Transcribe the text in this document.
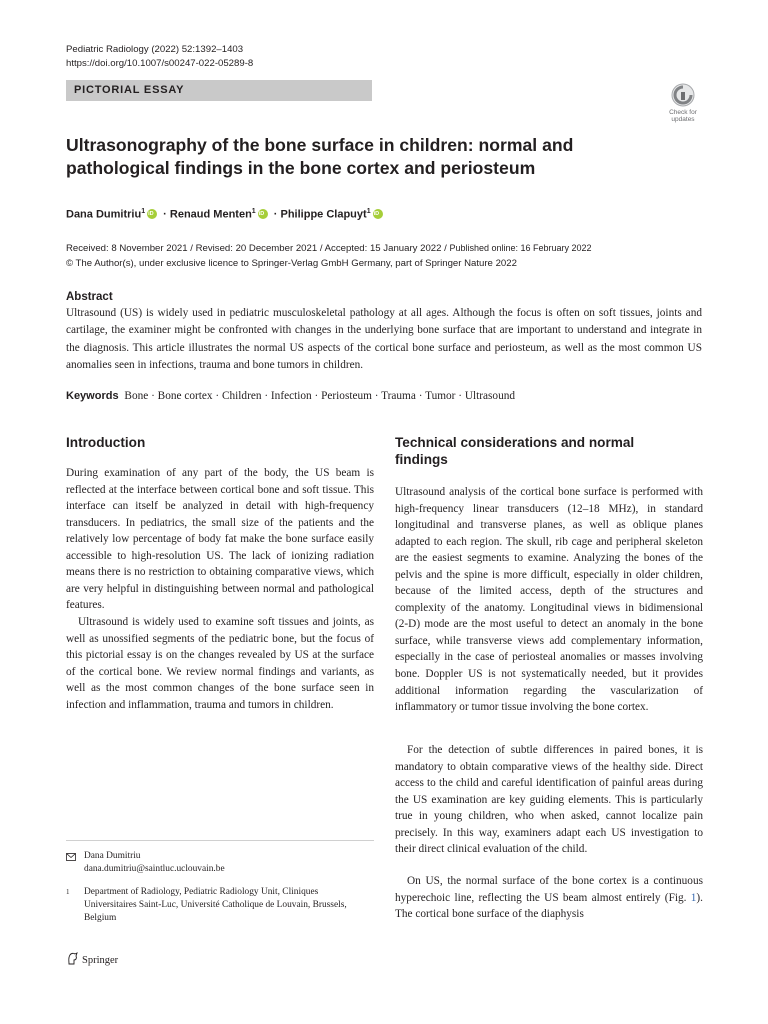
Pediatric Radiology (2022) 52:1392–1403
https://doi.org/10.1007/s00247-022-05289-8
PICTORIAL ESSAY
Check for
updates
Ultrasonography of the bone surface in children: normal and pathological findings in the bone cortex and periosteum
Dana Dumitriu$^1$ iD · Renaud Menten$^1$ iD · Philippe Clapuyt$^1$iD
Received: 8 November 2021 / Revised: 20 December 2021 / Accepted: 15 January 2022 / Published online: 16 February 2022
© The Author(s), under exclusive licence to Springer-Verlag GmbH Germany, part of Springer Nature 2022
Abstract

Ultrasound (US) is widely used in pediatric musculoskeletal pathology at all ages. Although the focus is often on soft tissues, joints and cartilage, the examiner might be confronted with changes in the underlying bone surface that are important to understand and integrate in the diagnosis. This article illustrates the normal US aspects of the cortical bone surface and periosteum, as well as the most common US anomalies seen in infections, trauma and bone tumors in children.

Keywords Bone · Bone cortex · Children · Infection · Periosteum · Trauma · Tumor · Ultrasound
Introduction

During examination of any part of the body, the US beam is reflected at the interface between cortical bone and soft tissue. This interface can itself be analyzed in detail with high-frequency transducers. In pediatrics, the small size of the patients and the relatively low percentage of body fat make the bone surface easily accessible to high-resolution US. The lack of ionizing radiation means there is no restriction to obtaining comparative views, which are very helpful in distinguishing between normal and pathological features.

Ultrasound is widely used to examine soft tissues and joints, as well as unossified segments of the pediatric bone, but the focus of this pictorial essay is on the changes revealed by US at the surface of the cortical bone. We review normal findings and variants, as well as the most common changes of the bone surface seen in infection and inflammation, trauma and tumors in children.

Dana Dumitriu
dana.dumitriu@saintluc.uclouvain.be
1	Department of Radiology, Pediatric Radiology Unit, Cliniques Universitaires Saint-Luc, Université Catholique de Louvain, Brussels, Belgium
Springer
Technical considerations and normal findings

Ultrasound analysis of the cortical bone surface is performed with high-frequency linear transducers (12–18 MHz), in standard longitudinal and transverse planes, as well as oblique planes adapted to each region. The skull, rib cage and peripheral skeleton are the easiest segments to examine. Analyzing the bones of the pelvis and the spine is more difficult, especially in older children, because of the limited access, depth of the structures and complexity of the anatomy. Longitudinal views in bidimensional (2-D) mode are the most useful to detect an anomaly in the bone surface, while transverse views add complementary information, especially in the case of periosteal anomalies or masses involving bone. Doppler US is not systematically needed, but it provides additional information regarding the vascularization of inflammatory or tumor tissue involving the bone cortex.

For the detection of subtle differences in paired bones, it is mandatory to obtain comparative views of the healthy side. Direct access to the child and careful identification of painful areas during the US examination are key guiding elements. This is particularly true in young children, who when asked, cannot localize pain precisely. In this way, examiners adapt each US investigation to their direct clinical evaluation of the child.

On US, the normal surface of the bone cortex is a continuous hyperechoic line, reflecting the US beam almost entirely (Fig. 1). The cortical bone surface of the diaphysis
